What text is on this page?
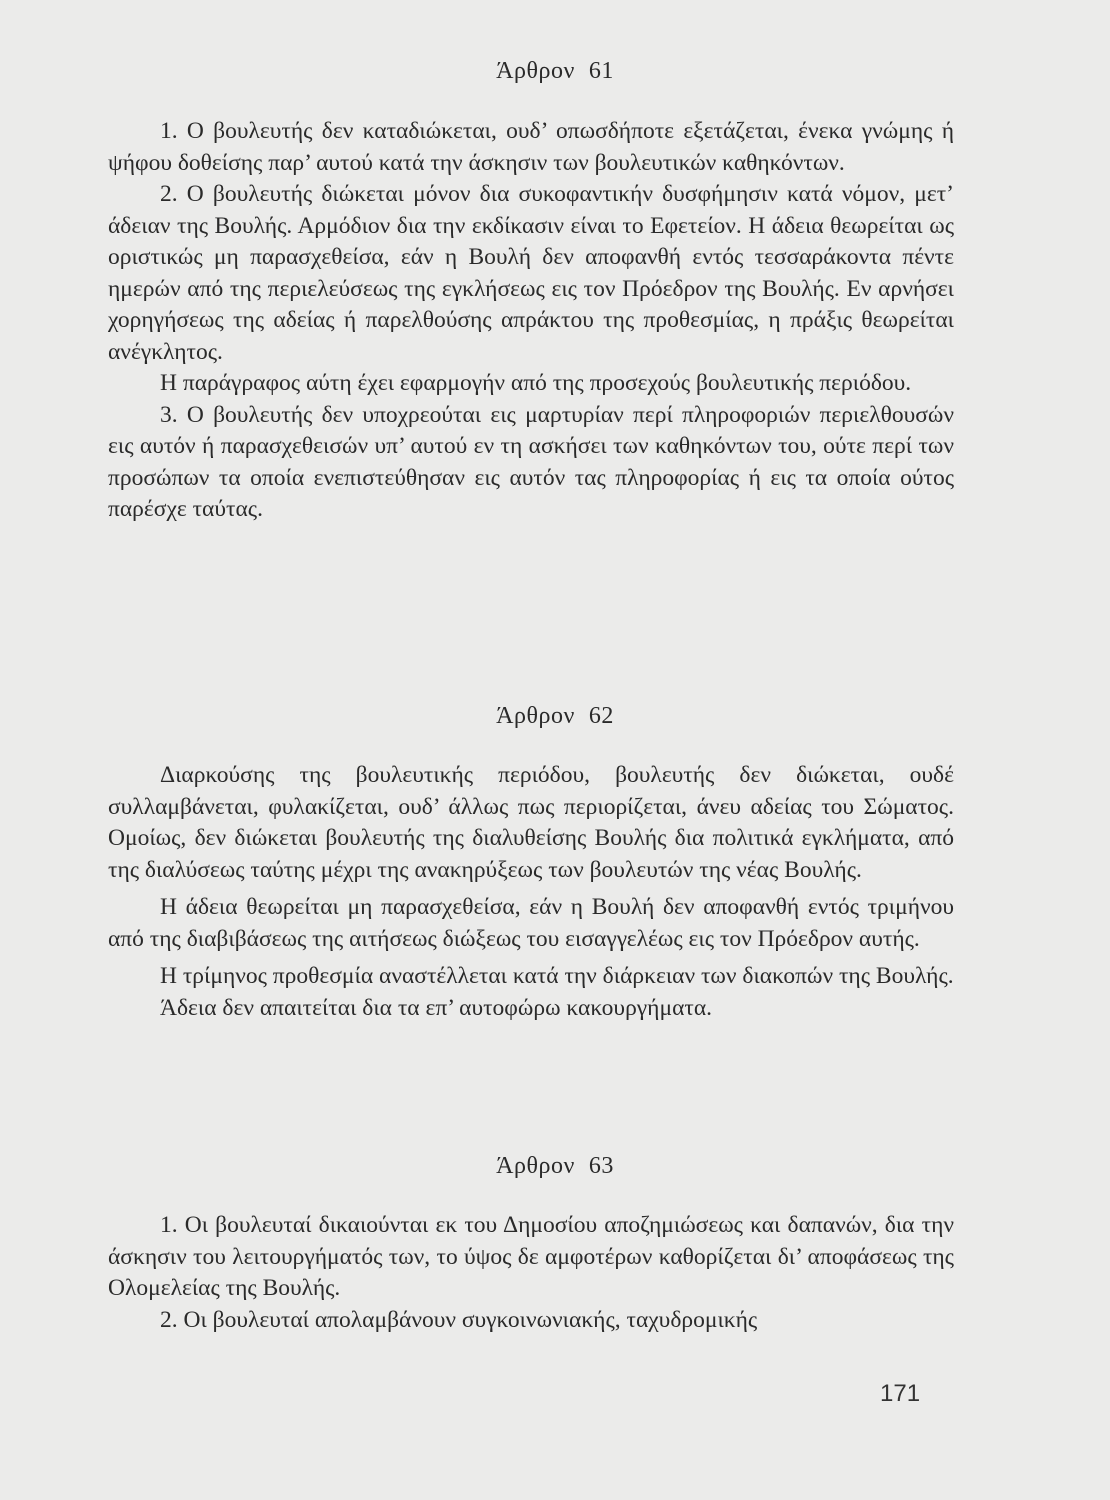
Άρθρον 61

1. Ο βουλευτής δεν καταδιώκεται, ουδ’ οπωσδήποτε εξετάζεται, ένεκα γνώμης ή ψήφου δοθείσης παρ’ αυτού κατά την άσκησιν των βουλευτικών καθηκόντων.

2. Ο βουλευτής διώκεται μόνον δια συκοφαντικήν δυσφήμησιν κατά νόμον, μετ’ άδειαν της Βουλής. Αρμόδιον δια την εκδίκασιν είναι το Εφετείον. Η άδεια θεωρείται ως οριστικώς μη παρασχεθείσα, εάν η Βουλή δεν αποφανθή εντός τεσσαράκοντα πέντε ημερών από της περιελεύσεως της εγκλήσεως εις τον Πρόεδρον της Βουλής. Εν αρνήσει χορηγήσεως της αδείας ή παρελθούσης απράκτου της προθεσμίας, η πράξις θεωρείται ανέγκλητος.

Η παράγραφος αύτη έχει εφαρμογήν από της προσεχούς βουλευτικής περιόδου.

3. Ο βουλευτής δεν υποχρεούται εις μαρτυρίαν περί πληροφοριών περιελθουσών εις αυτόν ή παρασχεθεισών υπ’ αυτού εν τη ασκήσει των καθηκόντων του, ούτε περί των προσώπων τα οποία ενεπιστεύθησαν εις αυτόν τας πληροφορίας ή εις τα οποία ούτος παρέσχε ταύτας.

Άρθρον 62

Διαρκούσης της βουλευτικής περιόδου, βουλευτής δεν διώκεται, ουδέ συλλαμβάνεται, φυλακίζεται, ουδ’ άλλως πως περιορίζεται, άνευ αδείας του Σώματος. Ομοίως, δεν διώκεται βουλευτής της διαλυθείσης Βουλής δια πολιτικά εγκλήματα, από της διαλύσεως ταύτης μέχρι της ανακηρύξεως των βουλευτών της νέας Βουλής.

Η άδεια θεωρείται μη παρασχεθείσα, εάν η Βουλή δεν αποφανθή εντός τριμήνου από της διαβιβάσεως της αιτήσεως διώξεως του εισαγγελέως εις τον Πρόεδρον αυτής.

Η τρίμηνος προθεσμία αναστέλλεται κατά την διάρκειαν των διακοπών της Βουλής.

Άδεια δεν απαιτείται δια τα επ’ αυτοφώρω κακουργήματα.

Άρθρον 63

1. Οι βουλευταί δικαιούνται εκ του Δημοσίου αποζημιώσεως και δαπανών, δια την άσκησιν του λειτουργήματός των, το ύψος δε αμφοτέρων καθορίζεται δι’ αποφάσεως της Ολομελείας της Βουλής.

2. Οι βουλευταί απολαμβάνουν συγκοινωνιακής, ταχυδρομικής

171
